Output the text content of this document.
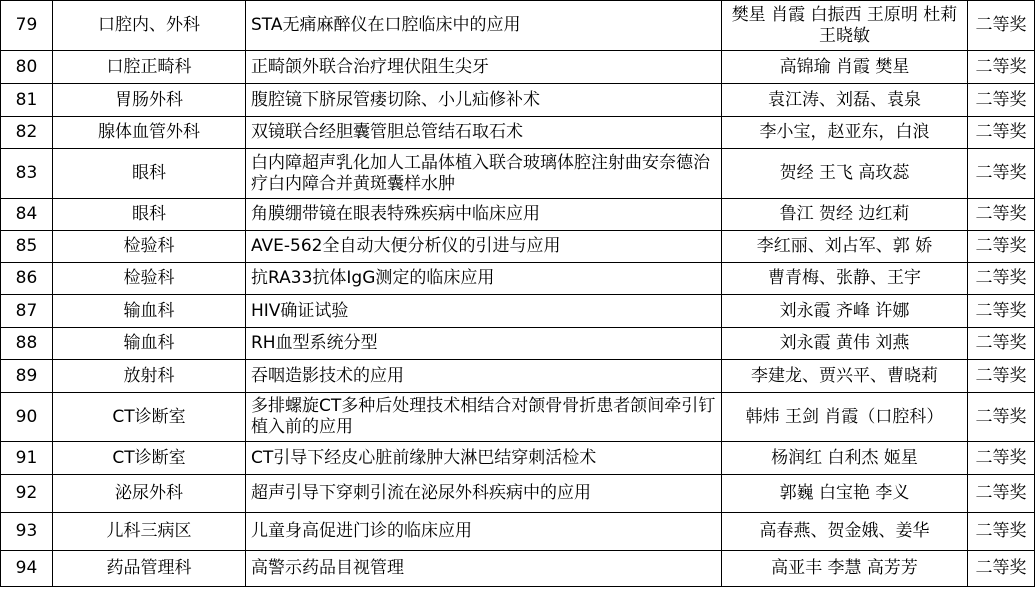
79	口腔内、外科	STA无痛麻醉仪在口腔临床中的应用	樊星 肖霞 白振西 王原明 杜莉 王晓敏	二等奖
80	口腔正畸科	正畸颌外联合治疗埋伏阻生尖牙	高锦瑜 肖霞 樊星	二等奖
81	胃肠外科	腹腔镜下脐尿管瘘切除、小儿疝修补术	袁江涛、刘磊、袁泉	二等奖
82	腺体血管外科	双镜联合经胆囊管胆总管结石取石术	李小宝，赵亚东，白浪	二等奖
83	眼科	白内障超声乳化加人工晶体植入联合玻璃体腔注射曲安奈德治疗白内障合并黄斑囊样水肿	贺经 王飞 高玫蕊	二等奖
84	眼科	角膜绷带镜在眼表特殊疾病中临床应用	鲁江 贺经 边红莉	二等奖
85	检验科	AVE-562全自动大便分析仪的引进与应用	李红丽、刘占军、郭 娇	二等奖
86	检验科	抗RA33抗体IgG测定的临床应用	曹青梅、张静、王宇	二等奖
87	输血科	HIV确证试验	刘永霞 齐峰 许娜	二等奖
88	输血科	RH血型系统分型	刘永霞 黄伟 刘燕	二等奖
89	放射科	吞咽造影技术的应用	李建龙、贾兴平、曹晓莉	二等奖
90	CT诊断室	多排螺旋CT多种后处理技术相结合对颌骨骨折患者颌间牵引钉植入前的应用	韩炜 王剑 肖霞（口腔科）	二等奖
91	CT诊断室	CT引导下经皮心脏前缘肿大淋巴结穿刺活检术	杨润红 白利杰 姬星	二等奖
92	泌尿外科	超声引导下穿刺引流在泌尿外科疾病中的应用	郭巍 白宝艳 李义	二等奖
93	儿科三病区	儿童身高促进门诊的临床应用	高春燕、贺金娥、姜华	二等奖
94	药品管理科	高警示药品目视管理	高亚丰 李慧 高芳芳	二等奖
